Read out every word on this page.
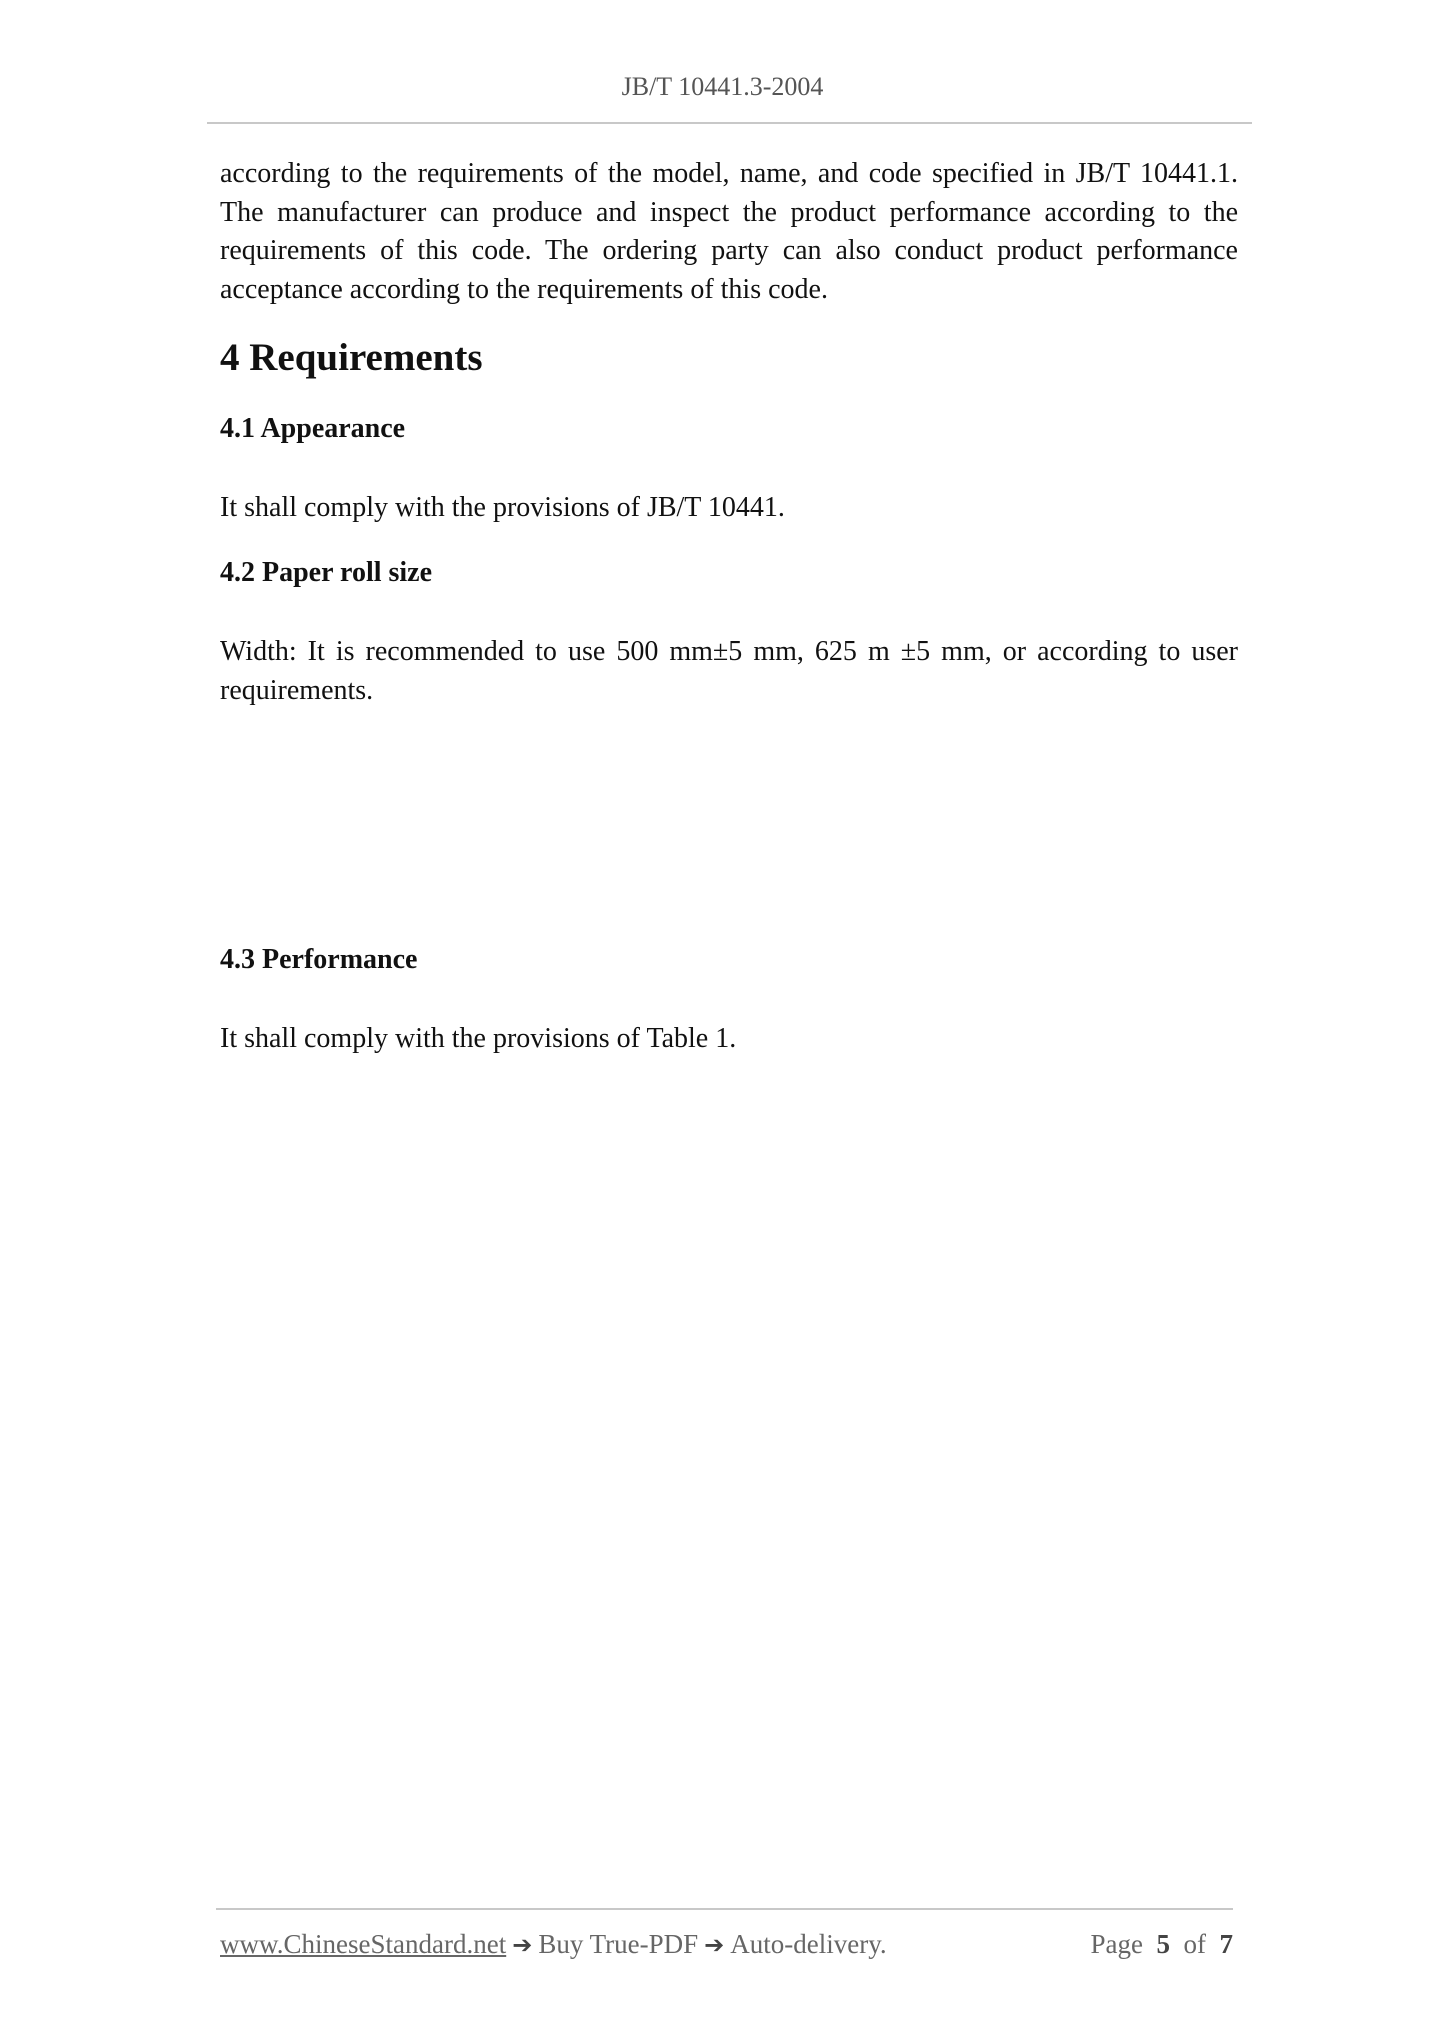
JB/T 10441.3-2004

according to the requirements of the model, name, and code specified in JB/T 10441.1. The manufacturer can produce and inspect the product performance according to the requirements of this code. The ordering party can also conduct product performance acceptance according to the requirements of this code.

4 Requirements
4.1 Appearance

It shall comply with the provisions of JB/T 10441.

4.2 Paper roll size

Width: It is recommended to use 500 mm±5 mm, 625 m ±5 mm, or according to user requirements.

4.3 Performance

It shall comply with the provisions of Table 1.

www.ChineseStandard.net ➔ Buy True-PDF ➔ Auto-delivery.	Page 5 of 7
